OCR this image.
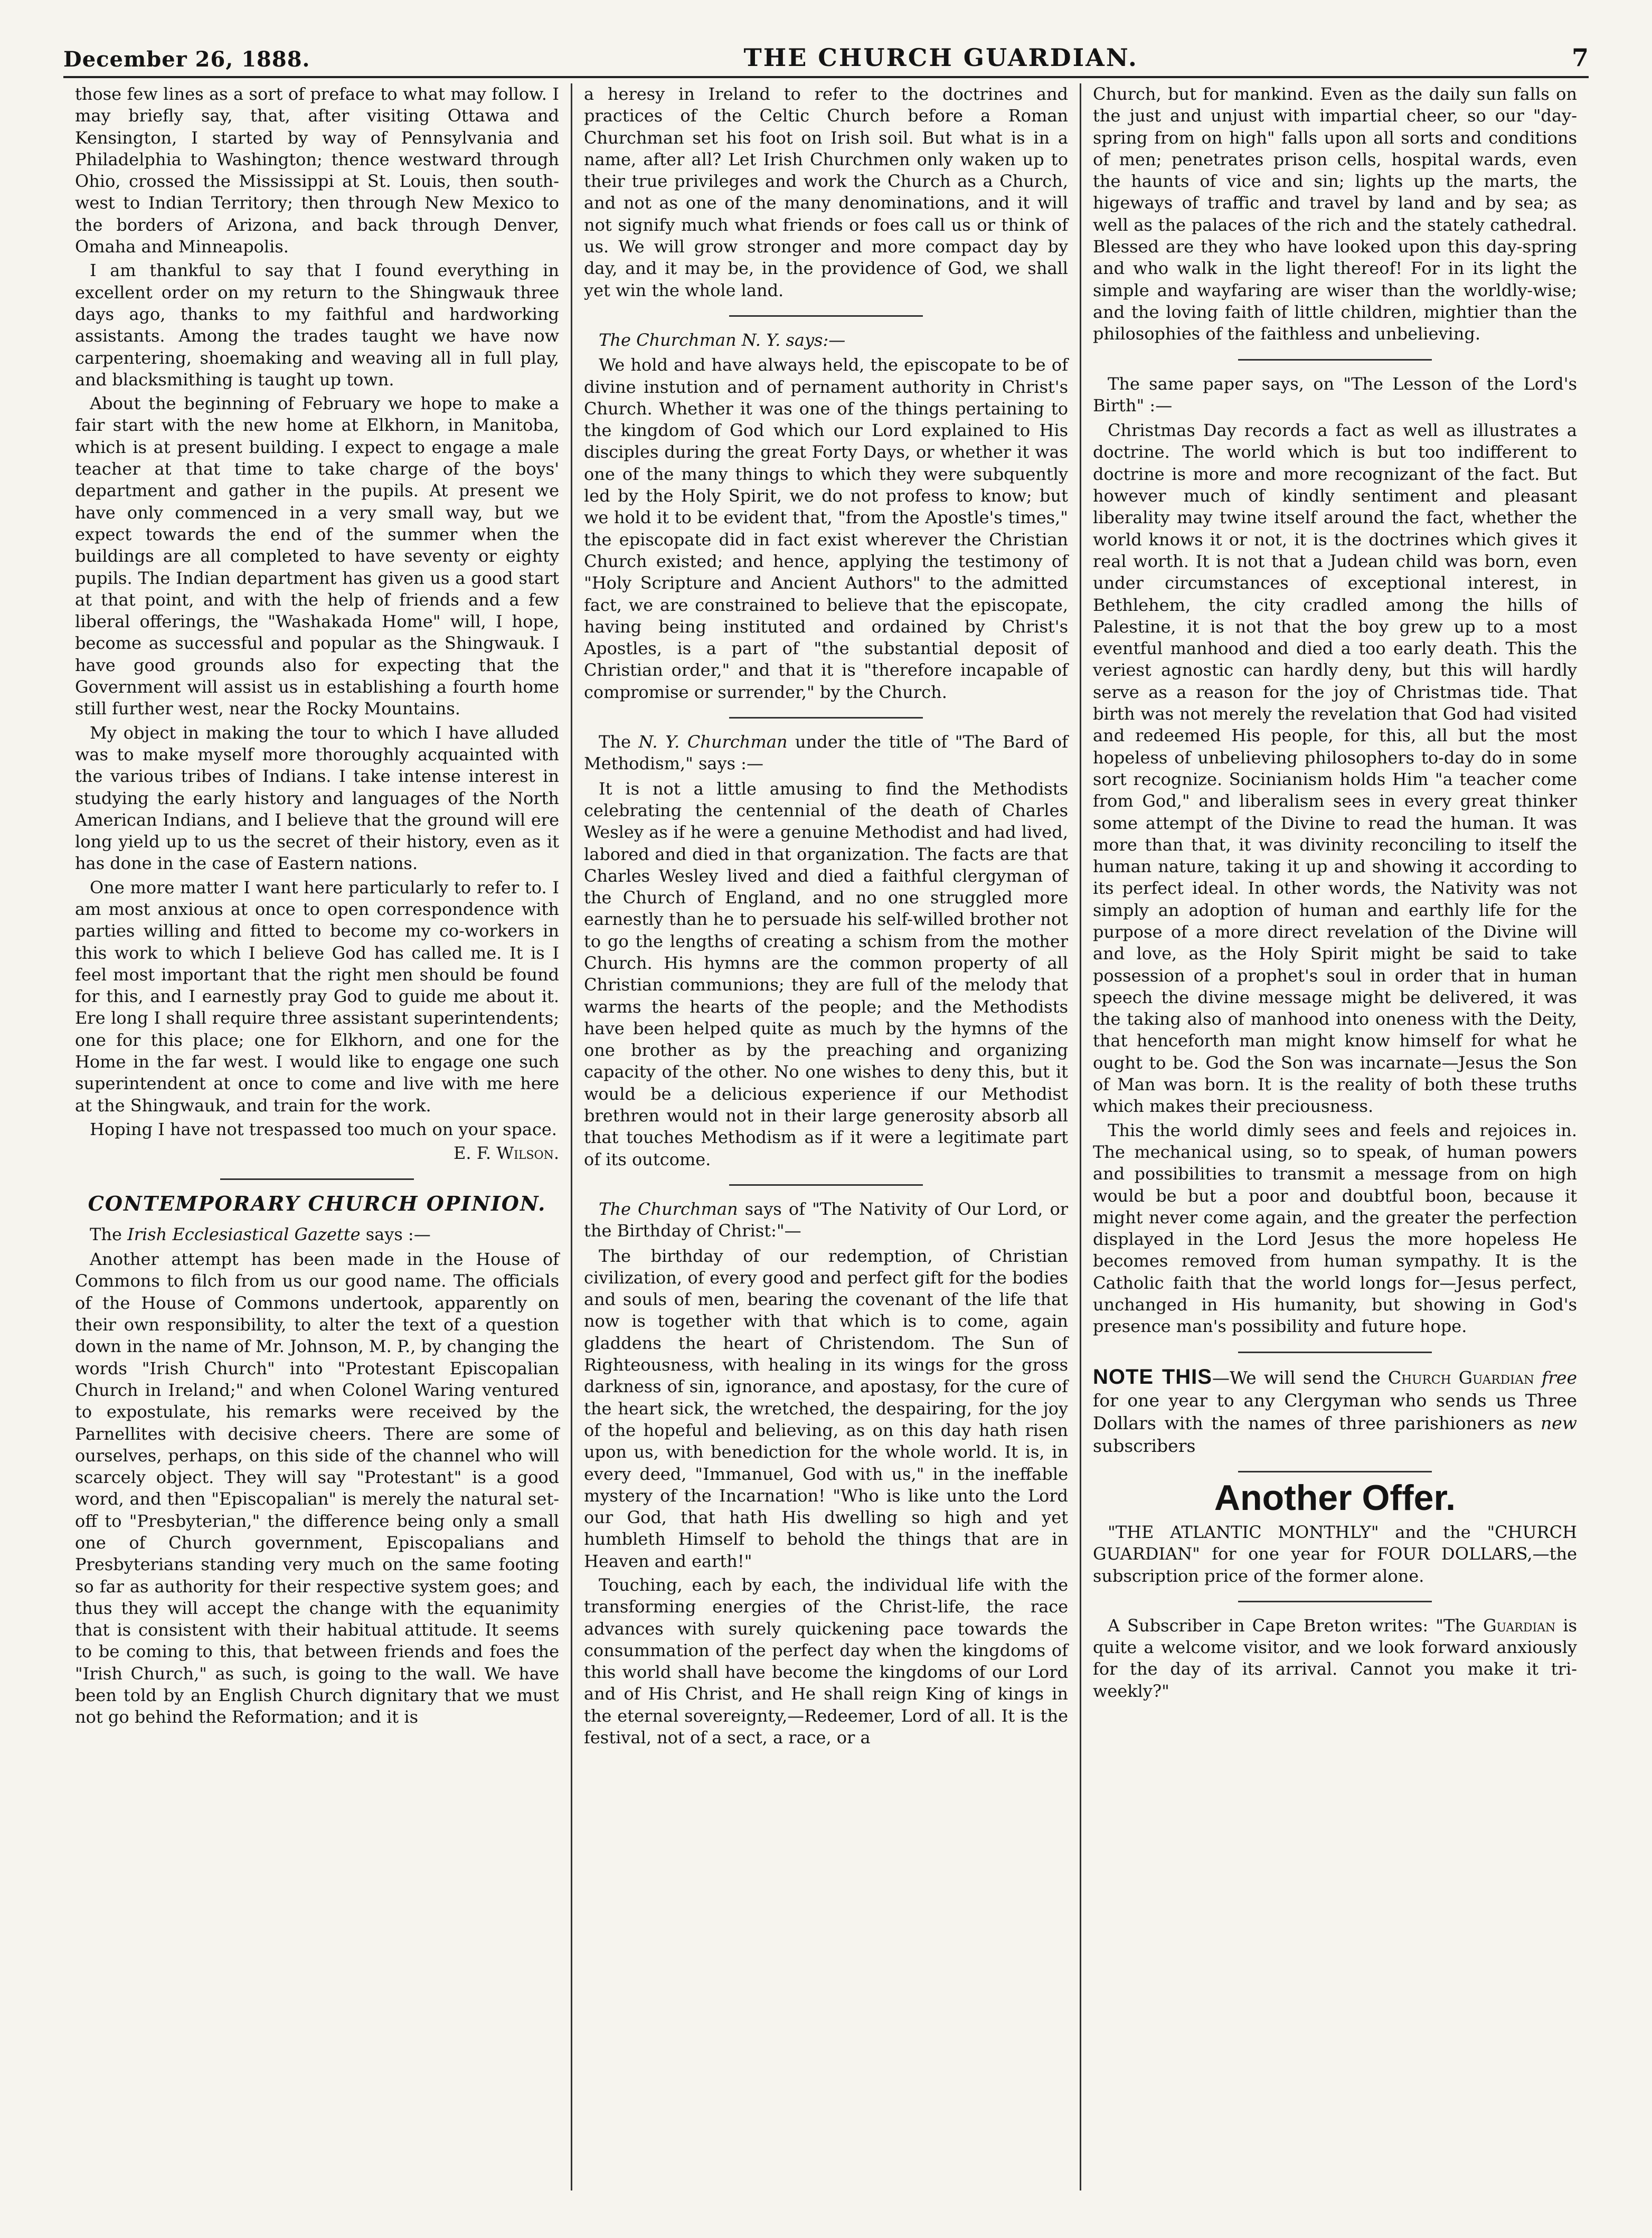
December 26, 1888.	THE CHURCH GUARDIAN.	7

those few lines as a sort of preface to what may follow. I may briefly say, that, after visiting Ottawa and Kensington, I started by way of Pennsylvania and Philadelphia to Washington; thence westward through Ohio, crossed the Mississippi at St. Louis, then south-west to Indian Territory; then through New Mexico to the borders of Arizona, and back through Denver, Omaha and Minneapolis.

I am thankful to say that I found everything in excellent order on my return to the Shingwauk three days ago, thanks to my faithful and hardworking assistants. Among the trades taught we have now carpentering, shoemaking and weaving all in full play, and blacksmithing is taught up town.

About the beginning of February we hope to make a fair start with the new home at Elkhorn, in Manitoba, which is at present building. I expect to engage a male teacher at that time to take charge of the boys' department and gather in the pupils. At present we have only commenced in a very small way, but we expect towards the end of the summer when the buildings are all completed to have seventy or eighty pupils. The Indian department has given us a good start at that point, and with the help of friends and a few liberal offerings, the "Washakada Home" will, I hope, become as successful and popular as the Shingwauk. I have good grounds also for expecting that the Government will assist us in establishing a fourth home still further west, near the Rocky Mountains.

My object in making the tour to which I have alluded was to make myself more thoroughly acquainted with the various tribes of Indians. I take intense interest in studying the early history and languages of the North American Indians, and I believe that the ground will ere long yield up to us the secret of their history, even as it has done in the case of Eastern nations.

One more matter I want here particularly to refer to. I am most anxious at once to open correspondence with parties willing and fitted to become my co-workers in this work to which I believe God has called me. It is I feel most important that the right men should be found for this, and I earnestly pray God to guide me about it. Ere long I shall require three assistant superintendents; one for this place; one for Elkhorn, and one for the Home in the far west. I would like to engage one such superintendent at once to come and live with me here at the Shingwauk, and train for the work.

Hoping I have not trespassed too much on your space.

E. F. Wilson.
CONTEMPORARY CHURCH OPINION.
The Irish Ecclesiastical Gazette says :—

Another attempt has been made in the House of Commons to filch from us our good name. The officials of the House of Commons undertook, apparently on their own responsibility, to alter the text of a question down in the name of Mr. Johnson, M. P., by changing the words "Irish Church" into "Protestant Episcopalian Church in Ireland;" and when Colonel Waring ventured to expostulate, his remarks were received by the Parnellites with decisive cheers. There are some of ourselves, perhaps, on this side of the channel who will scarcely object. They will say "Protestant" is a good word, and then "Episcopalian" is merely the natural set-off to "Presbyterian," the difference being only a small one of Church government, Episcopalians and Presbyterians standing very much on the same footing so far as authority for their respective system goes; and thus they will accept the change with the equanimity that is consistent with their habitual attitude. It seems to be coming to this, that between friends and foes the "Irish Church," as such, is going to the wall. We have been told by an English Church dignitary that we must not go behind the Reformation; and it is

a heresy in Ireland to refer to the doctrines and practices of the Celtic Church before a Roman Churchman set his foot on Irish soil. But what is in a name, after all? Let Irish Churchmen only waken up to their true privileges and work the Church as a Church, and not as one of the many denominations, and it will not signify much what friends or foes call us or think of us. We will grow stronger and more compact day by day, and it may be, in the providence of God, we shall yet win the whole land.

The Churchman N. Y. says:—

We hold and have always held, the episcopate to be of divine instution and of pernament authority in Christ's Church. Whether it was one of the things pertaining to the kingdom of God which our Lord explained to His disciples during the great Forty Days, or whether it was one of the many things to which they were subquently led by the Holy Spirit, we do not profess to know; but we hold it to be evident that, "from the Apostle's times," the episcopate did in fact exist wherever the Christian Church existed; and hence, applying the testimony of "Holy Scripture and Ancient Authors" to the admitted fact, we are constrained to believe that the episcopate, having being instituted and ordained by Christ's Apostles, is a part of "the substantial deposit of Christian order," and that it is "therefore incapable of compromise or surrender," by the Church.

The N. Y. Churchman under the title of "The Bard of Methodism," says :—

It is not a little amusing to find the Methodists celebrating the centennial of the death of Charles Wesley as if he were a genuine Methodist and had lived, labored and died in that organization. The facts are that Charles Wesley lived and died a faithful clergyman of the Church of England, and no one struggled more earnestly than he to persuade his self-willed brother not to go the lengths of creating a schism from the mother Church. His hymns are the common property of all Christian communions; they are full of the melody that warms the hearts of the people; and the Methodists have been helped quite as much by the hymns of the one brother as by the preaching and organizing capacity of the other. No one wishes to deny this, but it would be a delicious experience if our Methodist brethren would not in their large generosity absorb all that touches Methodism as if it were a legitimate part of its outcome.

The Churchman says of "The Nativity of Our Lord, or the Birthday of Christ:"—

The birthday of our redemption, of Christian civilization, of every good and perfect gift for the bodies and souls of men, bearing the covenant of the life that now is together with that which is to come, again gladdens the heart of Christendom. The Sun of Righteousness, with healing in its wings for the gross darkness of sin, ignorance, and apostasy, for the cure of the heart sick, the wretched, the despairing, for the joy of the hopeful and believing, as on this day hath risen upon us, with benediction for the whole world. It is, in every deed, "Immanuel, God with us," in the ineffable mystery of the Incarnation! "Who is like unto the Lord our God, that hath His dwelling so high and yet humbleth Himself to behold the things that are in Heaven and earth!"

Touching, each by each, the individual life with the transforming energies of the Christ-life, the race advances with surely quickening pace towards the consummation of the perfect day when the kingdoms of this world shall have become the kingdoms of our Lord and of His Christ, and He shall reign King of kings in the eternal sovereignty,—Redeemer, Lord of all. It is the festival, not of a sect, a race, or a

Church, but for mankind. Even as the daily sun falls on the just and unjust with impartial cheer, so our "day-spring from on high" falls upon all sorts and conditions of men; penetrates prison cells, hospital wards, even the haunts of vice and sin; lights up the marts, the higeways of traffic and travel by land and by sea; as well as the palaces of the rich and the stately cathedral. Blessed are they who have looked upon this day-spring and who walk in the light thereof! For in its light the simple and wayfaring are wiser than the worldly-wise; and the loving faith of little children, mightier than the philosophies of the faithless and unbelieving.

The same paper says, on "The Lesson of the Lord's Birth" :—

Christmas Day records a fact as well as illustrates a doctrine. The world which is but too indifferent to doctrine is more and more recognizant of the fact. But however much of kindly sentiment and pleasant liberality may twine itself around the fact, whether the world knows it or not, it is the doctrines which gives it real worth. It is not that a Judean child was born, even under circumstances of exceptional interest, in Bethlehem, the city cradled among the hills of Palestine, it is not that the boy grew up to a most eventful manhood and died a too early death. This the veriest agnostic can hardly deny, but this will hardly serve as a reason for the joy of Christmas tide. That birth was not merely the revelation that God had visited and redeemed His people, for this, all but the most hopeless of unbelieving philosophers to-day do in some sort recognize. Socinianism holds Him "a teacher come from God," and liberalism sees in every great thinker some attempt of the Divine to read the human. It was more than that, it was divinity reconciling to itself the human nature, taking it up and showing it according to its perfect ideal. In other words, the Nativity was not simply an adoption of human and earthly life for the purpose of a more direct revelation of the Divine will and love, as the Holy Spirit might be said to take possession of a prophet's soul in order that in human speech the divine message might be delivered, it was the taking also of manhood into oneness with the Deity, that henceforth man might know himself for what he ought to be. God the Son was incarnate—Jesus the Son of Man was born. It is the reality of both these truths which makes their preciousness.

This the world dimly sees and feels and rejoices in. The mechanical using, so to speak, of human powers and possibilities to transmit a message from on high would be but a poor and doubtful boon, because it might never come again, and the greater the perfection displayed in the Lord Jesus the more hopeless He becomes removed from human sympathy. It is the Catholic faith that the world longs for—Jesus perfect, unchanged in His humanity, but showing in God's presence man's possibility and future hope.

NOTE THIS—We will send the Church Guardian free for one year to any Clergyman who sends us Three Dollars with the names of three parishioners as new subscribers
Another Offer.

"THE ATLANTIC MONTHLY" and the "CHURCH GUARDIAN" for one year for FOUR DOLLARS,—the subscription price of the former alone.

A Subscriber in Cape Breton writes: "The Guardian is quite a welcome visitor, and we look forward anxiously for the day of its arrival. Cannot you make it tri-weekly?"
